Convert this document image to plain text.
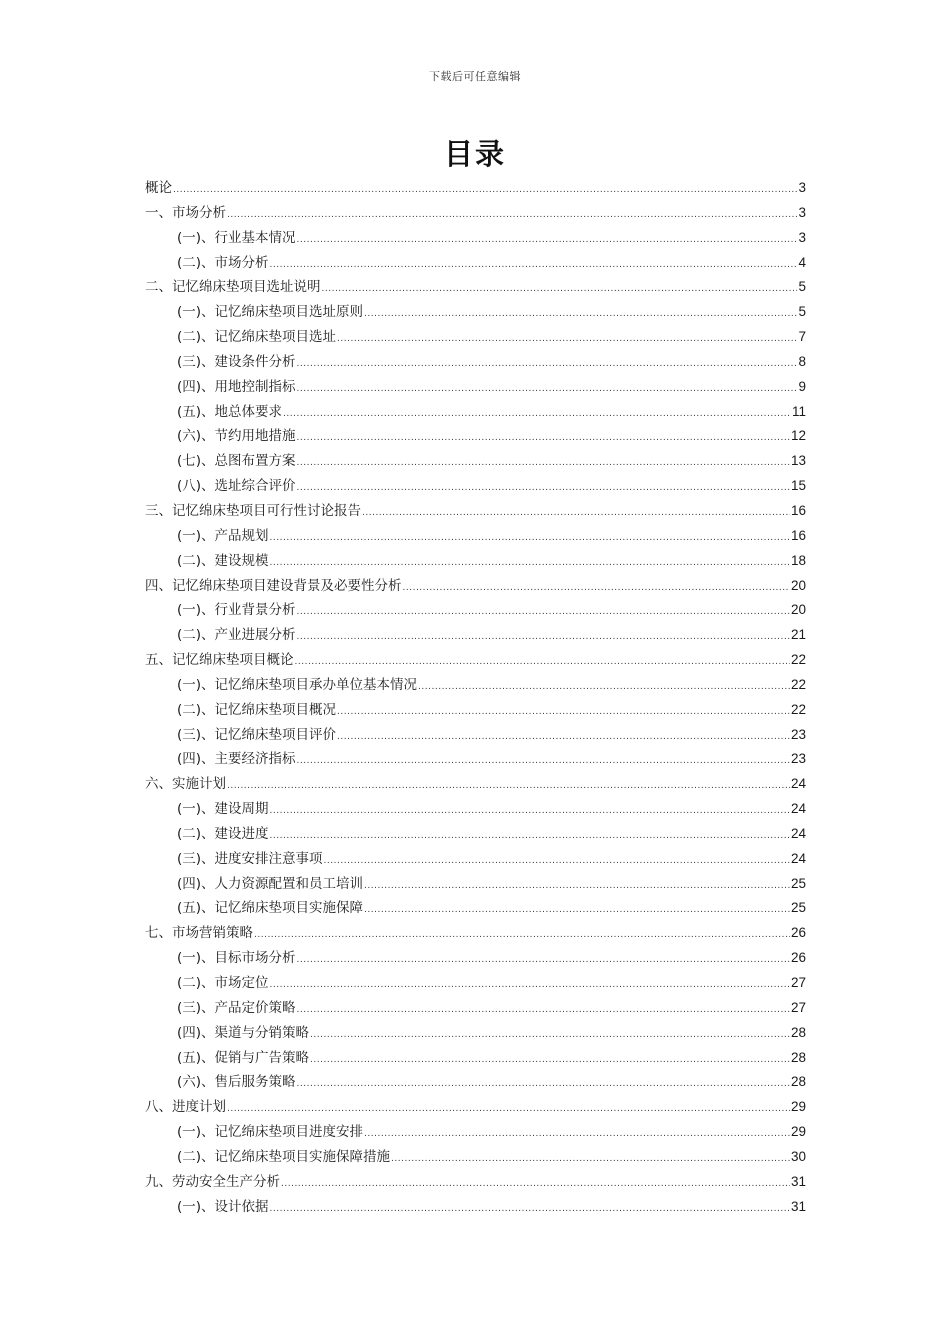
下载后可任意编辑
目录
概论 .....	3
一、市场分析 .....	3
(一)、行业基本情况 .....	3
(二)、市场分析 .....	4
二、记忆绵床垫项目选址说明 .....	5
(一)、记忆绵床垫项目选址原则 .....	5
(二)、记忆绵床垫项目选址 .....	7
(三)、建设条件分析 .....	8
(四)、用地控制指标 .....	9
(五)、地总体要求 .....	11
(六)、节约用地措施 .....	12
(七)、总图布置方案 .....	13
(八)、选址综合评价 .....	15
三、记忆绵床垫项目可行性讨论报告 .....	16
(一)、产品规划 .....	16
(二)、建设规模 .....	18
四、记忆绵床垫项目建设背景及必要性分析 .....	20
(一)、行业背景分析 .....	20
(二)、产业进展分析 .....	21
五、记忆绵床垫项目概论 .....	22
(一)、记忆绵床垫项目承办单位基本情况 .....	22
(二)、记忆绵床垫项目概况 .....	22
(三)、记忆绵床垫项目评价 .....	23
(四)、主要经济指标 .....	23
六、实施计划 .....	24
(一)、建设周期 .....	24
(二)、建设进度 .....	24
(三)、进度安排注意事项 .....	24
(四)、人力资源配置和员工培训 .....	25
(五)、记忆绵床垫项目实施保障 .....	25
七、市场营销策略 .....	26
(一)、目标市场分析 .....	26
(二)、市场定位 .....	27
(三)、产品定价策略 .....	27
(四)、渠道与分销策略 .....	28
(五)、促销与广告策略 .....	28
(六)、售后服务策略 .....	28
八、进度计划 .....	29
(一)、记忆绵床垫项目进度安排 .....	29
(二)、记忆绵床垫项目实施保障措施 .....	30
九、劳动安全生产分析 .....	31
(一)、设计依据 .....	31
